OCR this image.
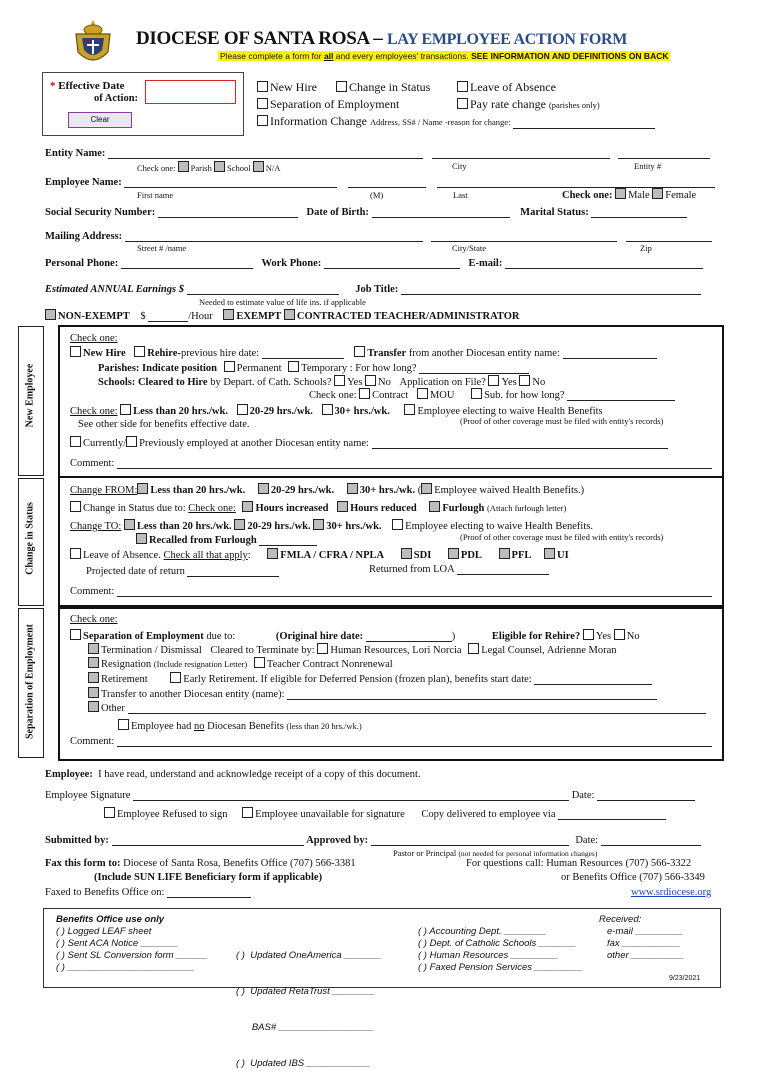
DIOCESE OF SANTA ROSA – LAY EMPLOYEE ACTION FORM
Please complete a form for all and every employees' transactions. SEE INFORMATION AND DEFINITIONS ON BACK
* Effective Date
of Action:
Clear
New Hire	Change in Status	Leave of Absence
Separation of Employment	Pay rate change (parishes only)
Information Change Address, SS# / Name -reason for change:
Entity Name:
Check one: Parish School N/A	City	Entity #
Employee Name:
First name	(M)	Last	Check one: Male Female
Social Security Number:	Date of Birth:	Marital Status:
Mailing Address:
Street # /name	City/State	Zip
Personal Phone:	Work Phone:	E-mail:
Estimated ANNUAL Earnings $	Job Title:
Needed to estimate value of life ins. if applicable
NON-EXEMPT $	/Hour EXEMPT CONTRACTED TEACHER/ADMINISTRATOR
New Employee
Check one:
New Hire Rehire-previous hire date:	Transfer from another Diocesan entity name:
Parishes: Indicate position Permanent Temporary : For how long?
Schools: Cleared to Hire by Depart. of Cath. Schools? Yes No Application on File? Yes No
Check one: Contract MOU	Sub. for how long?
Check one: Less than 20 hrs./wk. 20-29 hrs./wk. 30+ hrs./wk.	Employee electing to waive Health Benefits
See other side for benefits effective date.	(Proof of other coverage must be filed with entity's records)
Currently/ Previously employed at another Diocesan entity name:
Comment:
Change in Status
Change FROM: Less than 20 hrs./wk. 20-29 hrs./wk. 30+ hrs./wk. ( Employee waived Health Benefits.)
Change in Status due to: Check one: Hours increased Hours reduced Furlough (Attach furlough letter)
Change TO: Less than 20 hrs./wk. 20-29 hrs./wk. 30+ hrs./wk. Employee electing to waive Health Benefits.
Recalled from Furlough	(Proof of other coverage must be filed with entity's records)
Leave of Absence. Check all that apply:	FMLA / CFRA / NPLA	SDI	PDL	PFL UI
Projected date of return	Returned from LOA
Comment:
Separation of Employment
Check one:
Separation of Employment due to:	(Original hire date:	)	Eligible for Rehire? Yes No
Termination / Dismissal Cleared to Terminate by: Human Resources, Lori Norcia Legal Counsel, Adrienne Moran
Resignation (Include resignation Letter) Teacher Contract Nonrenewal
Retirement	Early Retirement. If eligible for Deferred Pension (frozen plan), benefits start date:
Transfer to another Diocesan entity (name):
Other
Employee had no Diocesan Benefits (less than 20 hrs./wk.)
Comment:
Employee: I have read, understand and acknowledge receipt of a copy of this document.
Employee Signature	Date:
Employee Refused to sign	Employee unavailable for signature Copy delivered to employee via
Submitted by:	Approved by:	Date:
Pastor or Principal (not needed for personal information changes)
Fax this form to: Diocese of Santa Rosa, Benefits Office (707) 566-3381	For questions call: Human Resources (707) 566-3322
(Include SUN LIFE Beneficiary form if applicable)	or Benefits Office (707) 566-3349
Faxed to Benefits Office on:	www.srdiocese.org
Benefits Office use only
( ) Logged LEAF sheet
( ) Sent ACA Notice _______
( ) Sent SL Conversion form ______
( ) ________________________

( )  Updated OneAmerica _______

( )  Updated RetaTrust ________

BAS# __________________

( )  Updated IBS ____________

( ) Accounting Dept. ________
( ) Dept. of Catholic Schools _______
( ) Human Resources _________
( ) Faxed Pension Services _________
Received:
e-mail _________
fax ___________
other __________
9/23/2021
